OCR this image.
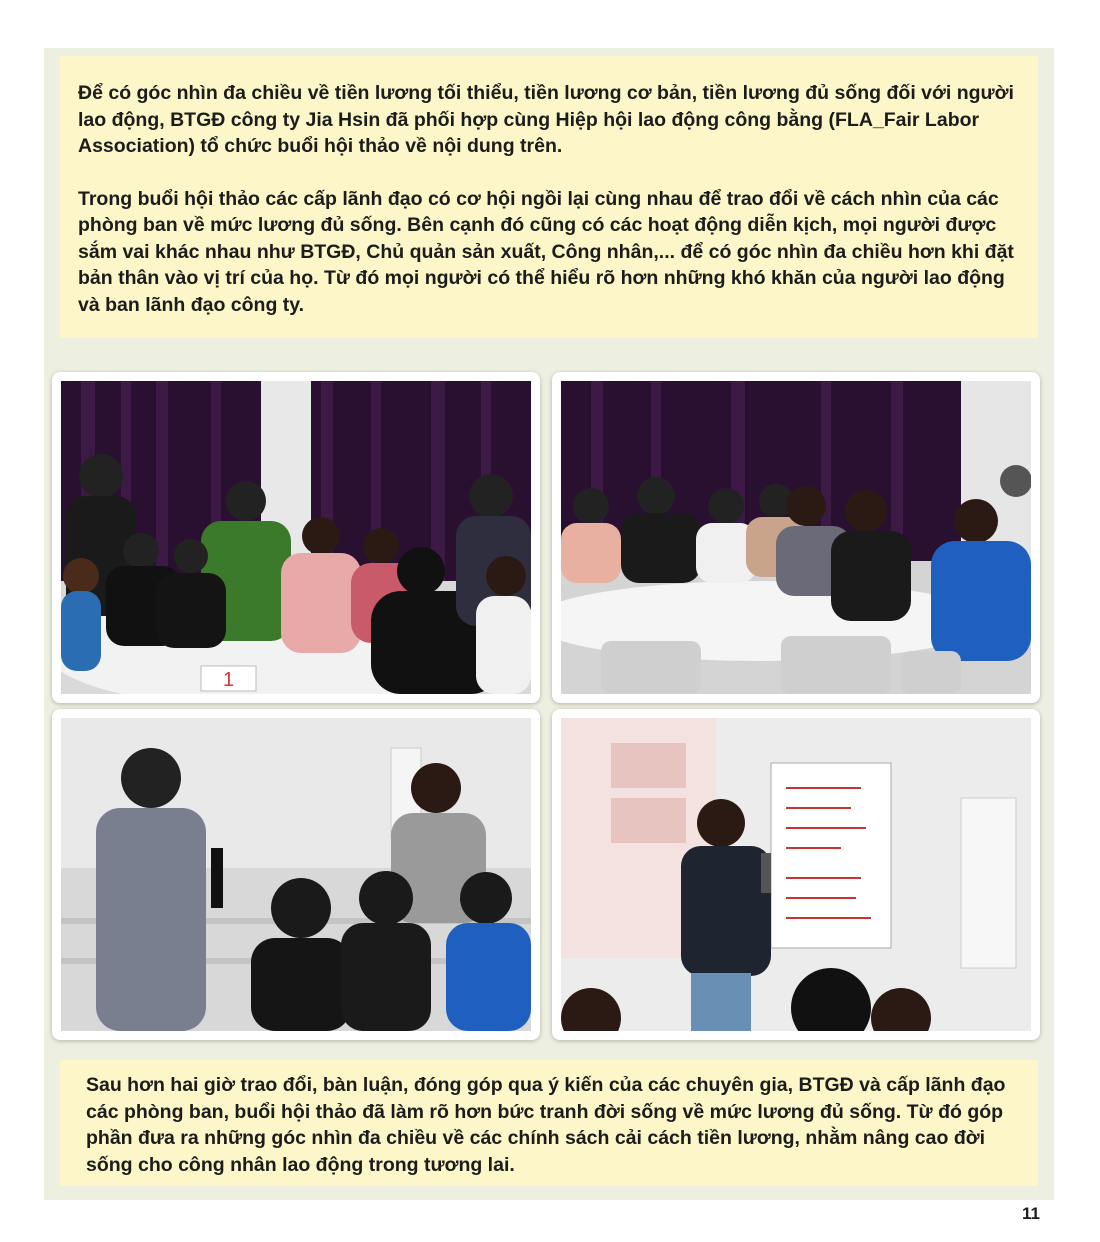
Để có góc nhìn đa chiều về tiền lương tối thiểu, tiền lương cơ bản, tiền lương đủ sống đối với người lao động, BTGĐ công ty Jia Hsin đã phối hợp cùng Hiệp hội lao động công bằng (FLA_Fair Labor Association) tổ chức buổi hội thảo về nội dung trên.

Trong buổi hội thảo các cấp lãnh đạo có cơ hội ngồi lại cùng nhau để trao đổi về cách nhìn của các phòng ban về mức lương đủ sống. Bên cạnh đó cũng có các hoạt động diễn kịch, mọi người được sắm vai khác nhau như BTGĐ, Chủ quản sản xuất, Công nhân,... để có góc nhìn đa chiều hơn khi đặt bản thân vào vị trí của họ. Từ đó mọi người có thể hiểu rõ hơn những khó khăn của người lao động và ban lãnh đạo công ty.

1

Sau hơn hai giờ trao đổi, bàn luận, đóng góp qua ý kiến của các chuyên gia, BTGĐ và cấp lãnh đạo các phòng ban, buổi hội thảo đã làm rõ hơn bức tranh đời sống về mức lương đủ sống. Từ đó góp phần đưa ra những góc nhìn đa chiều về các chính sách cải cách tiền lương, nhằm nâng cao đời sống cho công nhân lao động trong tương lai.

11
